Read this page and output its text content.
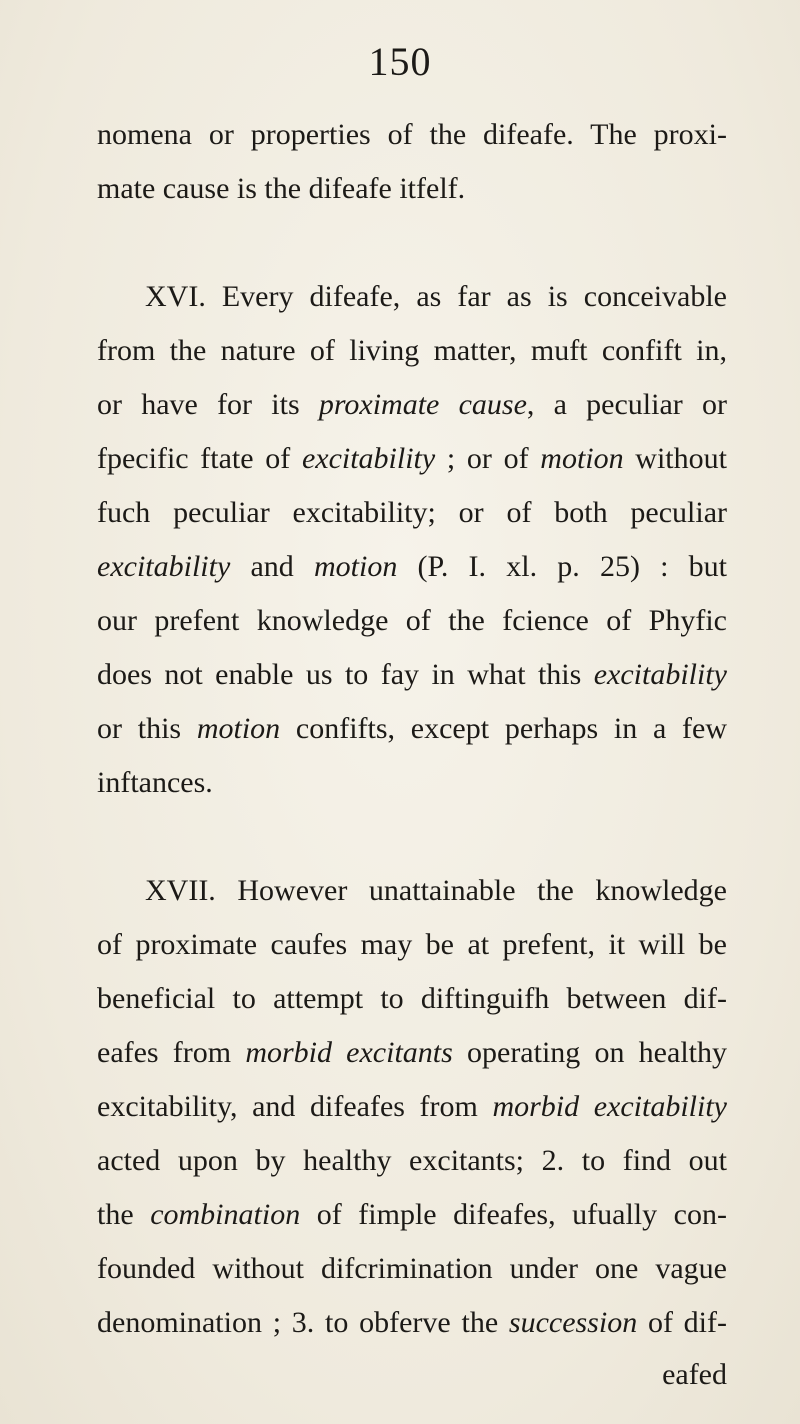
150
nomena or properties of the difeafe. The proxi-
mate cause is the difeafe itfelf.
XVI. Every difeafe, as far as is conceivable
from the nature of living matter, muft confift in,
or have for its proximate cause, a peculiar or
fpecific ftate of excitability ; or of motion without
fuch peculiar excitability; or of both peculiar
excitability and motion (P. I. xl. p. 25) : but
our prefent knowledge of the fcience of Phyfic
does not enable us to fay in what this excitability
or this motion confifts, except perhaps in a few
inftances.
XVII. However unattainable the knowledge
of proximate caufes may be at prefent, it will be
beneficial to attempt to diftinguifh between dif-
eafes from morbid excitants operating on healthy
excitability, and difeafes from morbid excitability
acted upon by healthy excitants; 2. to find out
the combination of fimple difeafes, ufually con-
founded without difcrimination under one vague
denomination ; 3. to obferve the succession of dif-
eafed
